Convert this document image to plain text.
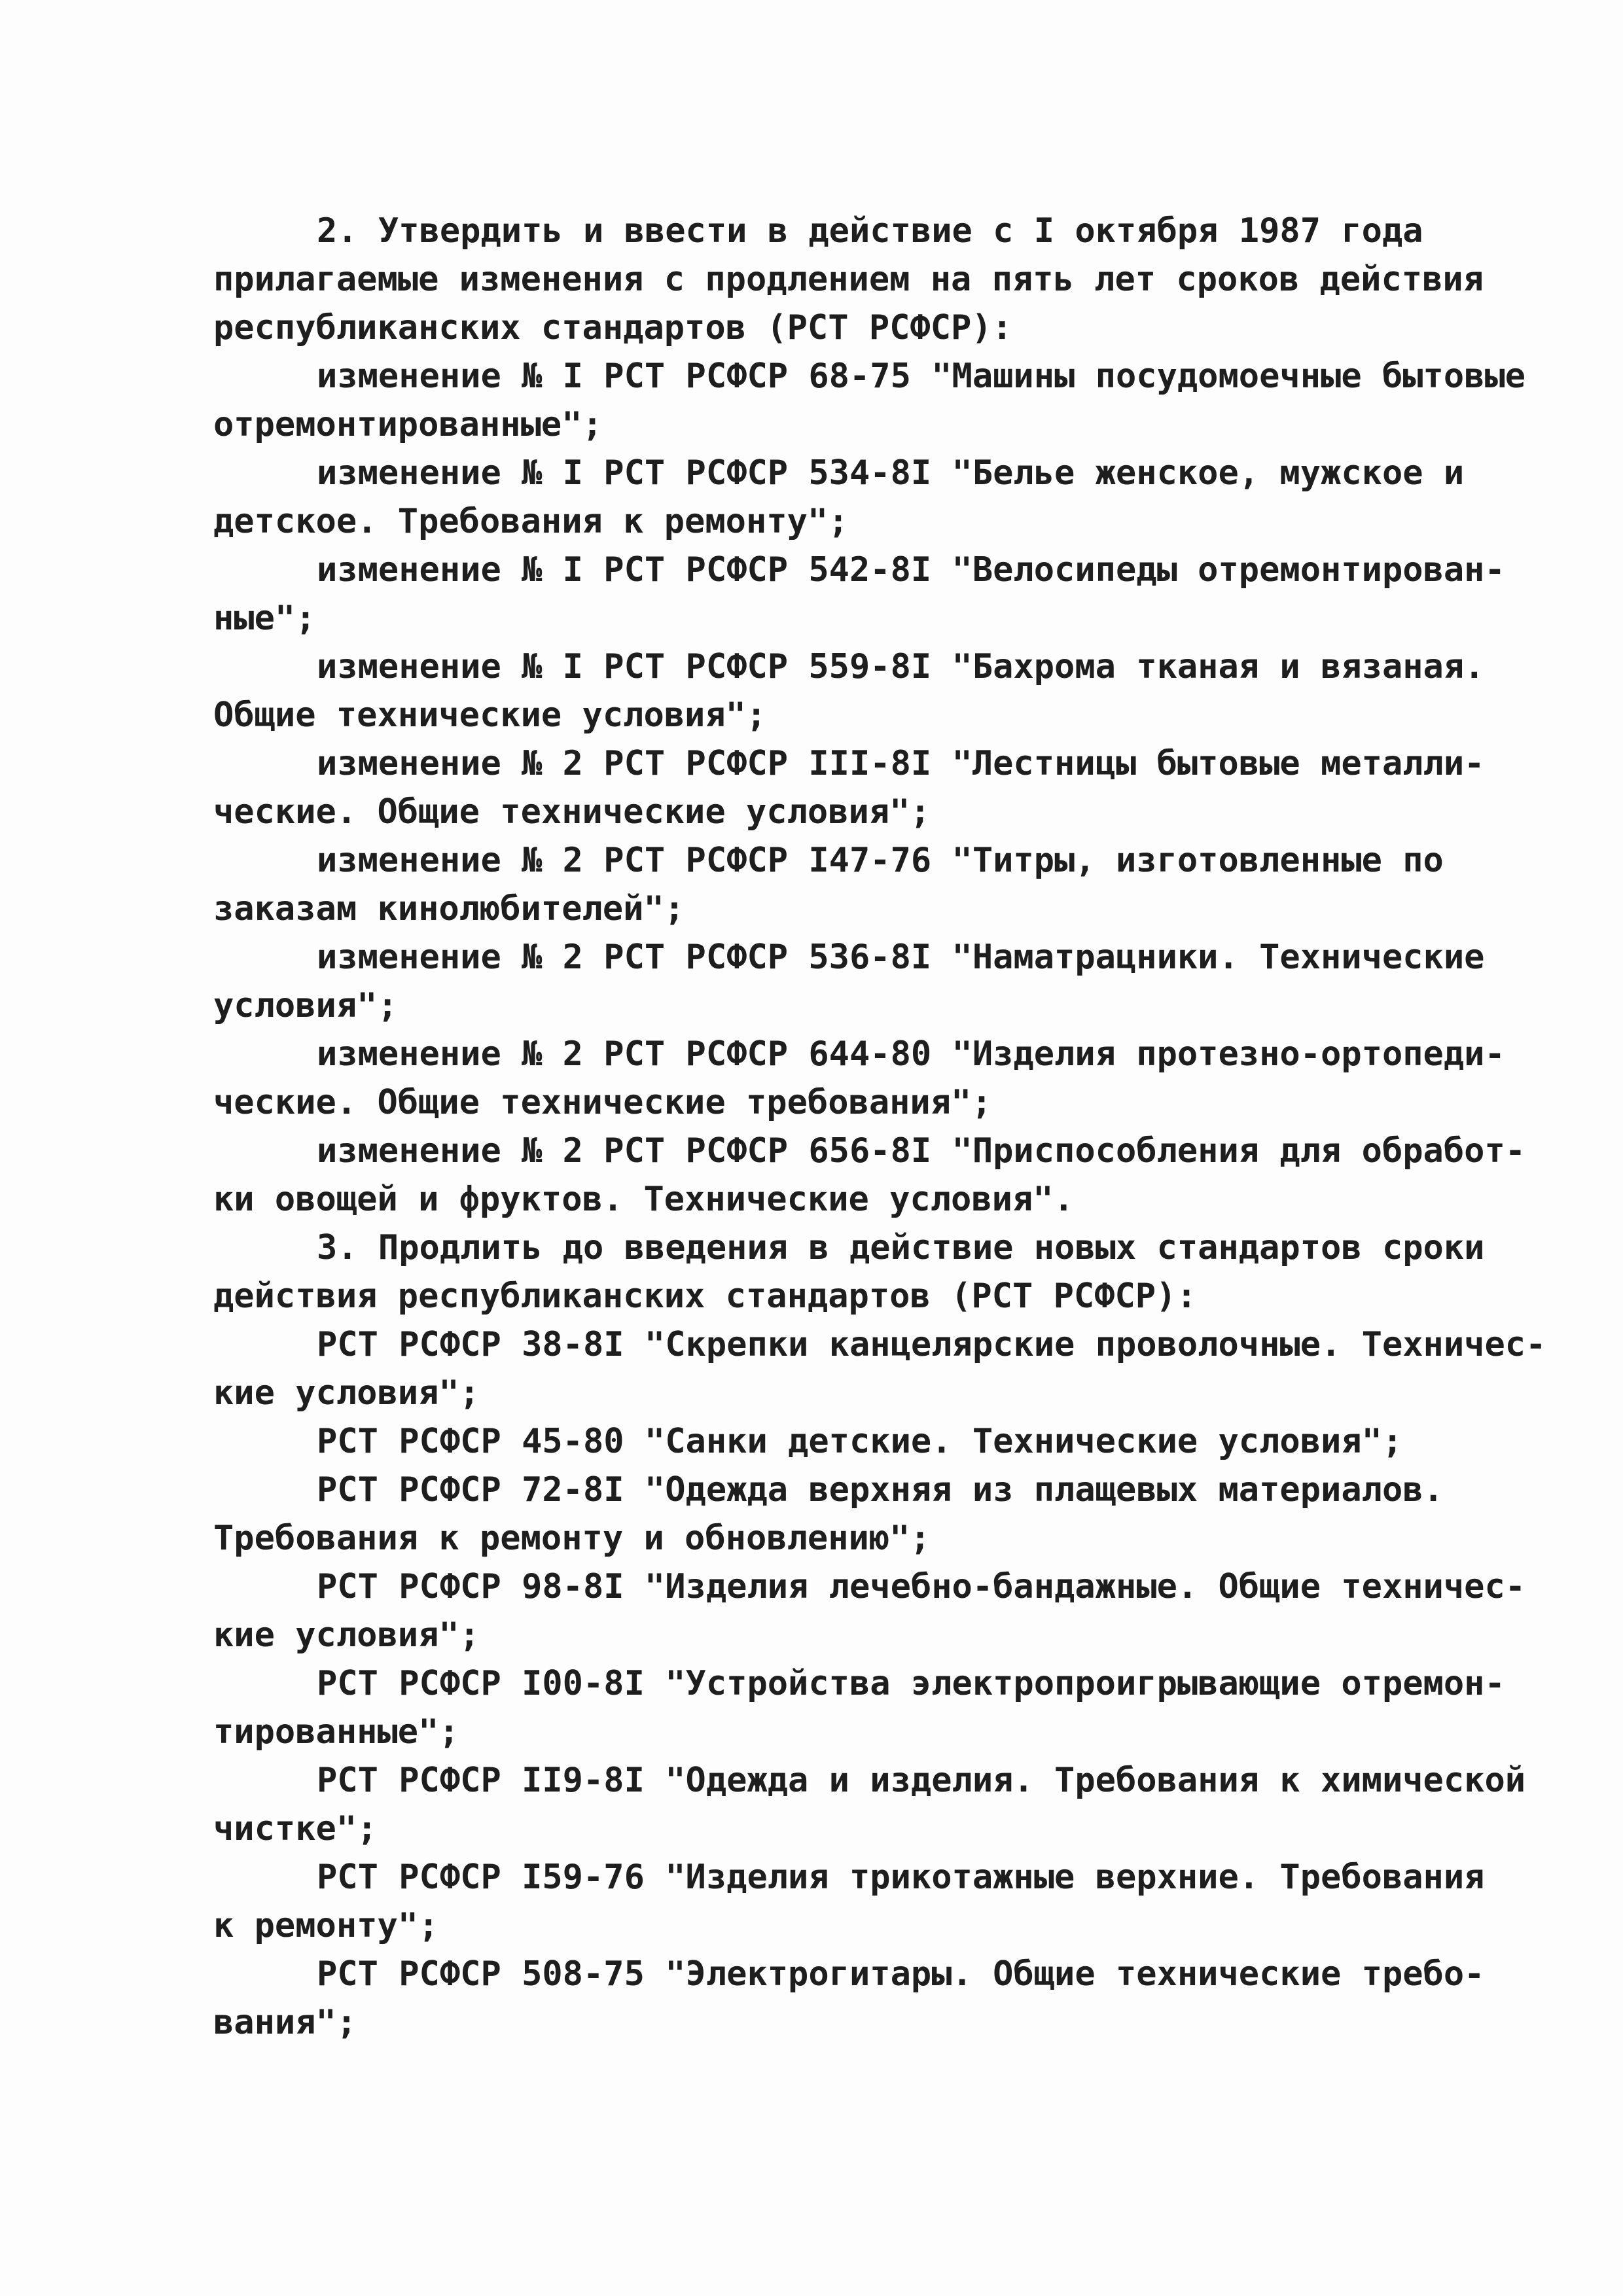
2. Утвердить и ввести в действие с I октября 1987 года
прилагаемые изменения с продлением на пять лет сроков действия
республиканских стандартов (РСТ РСФСР):
изменение № I РСТ РСФСР 68-75 "Машины посудомоечные бытовые
отремонтированные";
изменение № I РСТ РСФСР 534-8I "Белье женское, мужское и
детское. Требования к ремонту";
изменение № I РСТ РСФСР 542-8I "Велосипеды отремонтирован-
ные";
изменение № I РСТ РСФСР 559-8I "Бахрома тканая и вязаная.
Общие технические условия";
изменение № 2 РСТ РСФСР III-8I "Лестницы бытовые металли-
ческие. Общие технические условия";
изменение № 2 РСТ РСФСР I47-76 "Титры, изготовленные по
заказам кинолюбителей";
изменение № 2 РСТ РСФСР 536-8I "Наматрацники. Технические
условия";
изменение № 2 РСТ РСФСР 644-80 "Изделия протезно-ортопеди-
ческие. Общие технические требования";
изменение № 2 РСТ РСФСР 656-8I "Приспособления для обработ-
ки овощей и фруктов. Технические условия".
3. Продлить до введения в действие новых стандартов сроки
действия республиканских стандартов (РСТ РСФСР):
РСТ РСФСР 38-8I "Скрепки канцелярские проволочные. Техничес-
кие условия";
РСТ РСФСР 45-80 "Санки детские. Технические условия";
РСТ РСФСР 72-8I "Одежда верхняя из плащевых материалов.
Требования к ремонту и обновлению";
РСТ РСФСР 98-8I "Изделия лечебно-бандажные. Общие техничес-
кие условия";
РСТ РСФСР I00-8I "Устройства электропроигрывающие отремон-
тированные";
РСТ РСФСР II9-8I "Одежда и изделия. Требования к химической
чистке";
РСТ РСФСР I59-76 "Изделия трикотажные верхние. Требования
к ремонту";
РСТ РСФСР 508-75 "Электрогитары. Общие технические требо-
вания";
